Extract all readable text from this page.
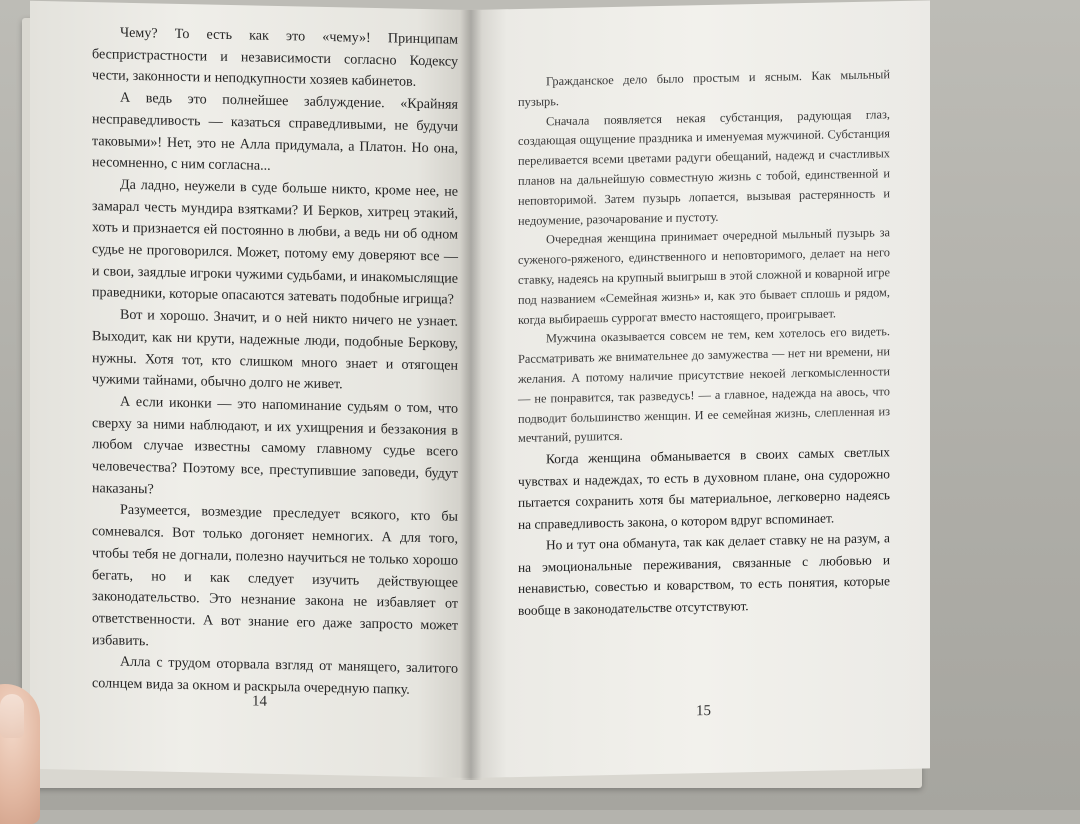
Чему? То есть как это «чему»! Принципам беспристрастности и независимости согласно Кодексу чести, законности и неподкупности хозяев кабинетов.

А ведь это полнейшее заблуждение. «Крайняя несправедливость — казаться справедливыми, не будучи таковыми»! Нет, это не Алла придумала, а Платон. Но она, несомненно, с ним согласна...

Да ладно, неужели в суде больше никто, кроме нее, не замарал честь мундира взятками? И Берков, хитрец этакий, хоть и признается ей постоянно в любви, а ведь ни об одном судье не проговорился. Может, потому ему доверяют все — и свои, заядлые игроки чужими судьбами, и инакомыслящие праведники, которые опасаются затевать подобные игрища?

Вот и хорошо. Значит, и о ней никто ничего не узнает. Выходит, как ни крути, надежные люди, подобные Беркову, нужны. Хотя тот, кто слишком много знает и отягощен чужими тайнами, обычно долго не живет.

А если иконки — это напоминание судьям о том, что сверху за ними наблюдают, и их ухищрения и беззакония в любом случае известны самому главному судье всего человечества? Поэтому все, преступившие заповеди, будут наказаны?

Разумеется, возмездие преследует всякого, кто бы сомневался. Вот только догоняет немногих. А для того, чтобы тебя не догнали, полезно научиться не только хорошо бегать, но и как следует изучить действующее законодательство. Это незнание закона не избавляет от ответственности. А вот знание его даже запросто может избавить.

Алла с трудом оторвала взгляд от манящего, залитого солнцем вида за окном и раскрыла очередную папку.

14

Гражданское дело было простым и ясным. Как мыльный пузырь.

Сначала появляется некая субстанция, радующая глаз, создающая ощущение праздника и именуемая мужчиной. Субстанция переливается всеми цветами радуги обещаний, надежд и счастливых планов на дальнейшую совместную жизнь с тобой, единственной и неповторимой. Затем пузырь лопается, вызывая растерянность и недоумение, разочарование и пустоту.

Очередная женщина принимает очередной мыльный пузырь за суженого-ряженого, единственного и неповторимого, делает на него ставку, надеясь на крупный выигрыш в этой сложной и коварной игре под названием «Семейная жизнь» и, как это бывает сплошь и рядом, когда выбираешь суррогат вместо настоящего, проигрывает.

Мужчина оказывается совсем не тем, кем хотелось его видеть. Рассматривать же внимательнее до замужества — нет ни времени, ни желания. А потому наличие присутствие некоей легкомысленности — не понравится, так разведусь! — а главное, надежда на авось, что подводит большинство женщин. И ее семейная жизнь, слепленная из мечтаний, рушится.

Когда женщина обманывается в своих самых светлых чувствах и надеждах, то есть в духовном плане, она судорожно пытается сохранить хотя бы материальное, легковерно надеясь на справедливость закона, о котором вдруг вспоминает.

Но и тут она обманута, так как делает ставку не на разум, а на эмоциональные переживания, связанные с любовью и ненавистью, совестью и коварством, то есть понятия, которые вообще в законодательстве отсутствуют.

15
